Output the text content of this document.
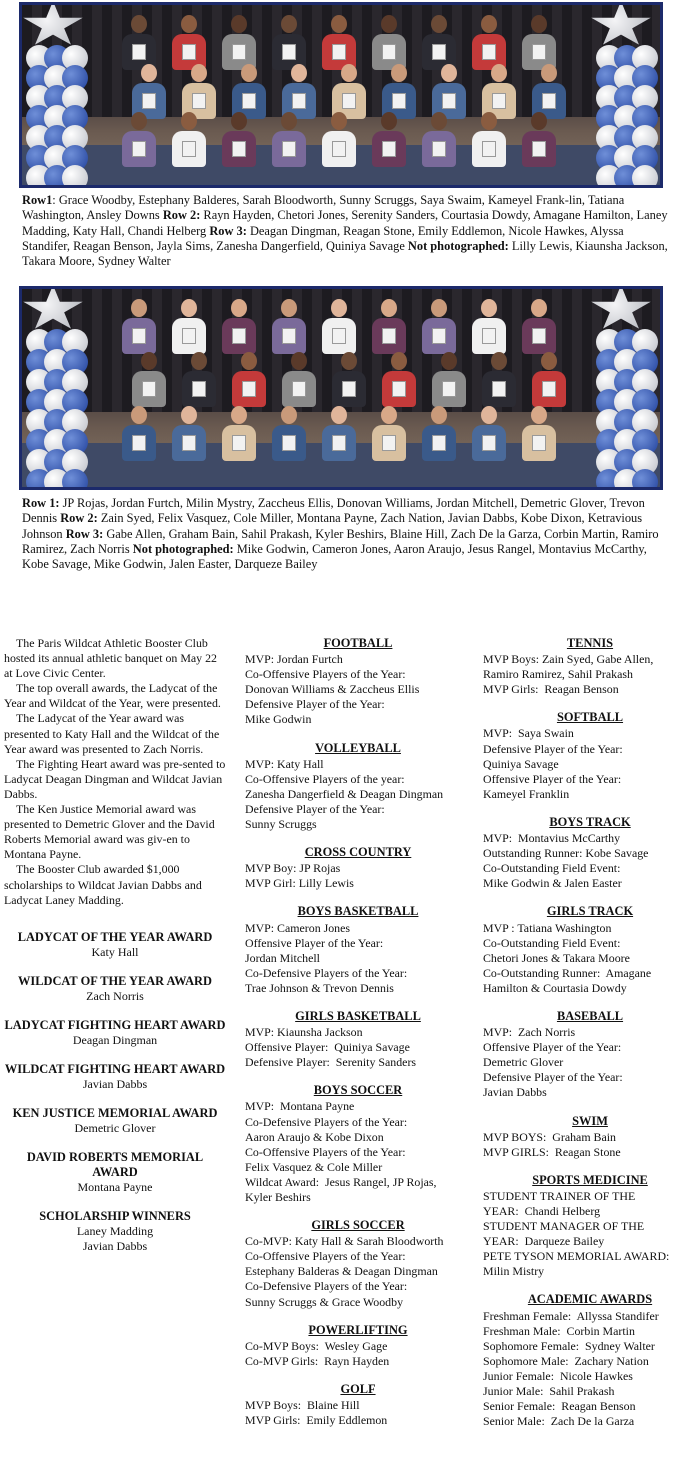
Row1: Grace Woodby, Estephany Balderes, Sarah Bloodworth, Sunny Scruggs, Saya Swaim, Kameyel Frank-lin, Tatiana Washington, Ansley Downs Row 2: Rayn Hayden, Chetori Jones, Serenity Sanders, Courtasia Dowdy, Amagane Hamilton, Laney Madding, Katy Hall, Chandi Helberg Row 3: Deagan Dingman, Reagan Stone, Emily Eddlemon, Nicole Hawkes, Alyssa Standifer, Reagan Benson, Jayla Sims, Zanesha Dangerfield, Quiniya Savage Not photographed: Lilly Lewis, Kiaunsha Jackson, Takara Moore, Sydney Walter
Row 1: JP Rojas, Jordan Furtch, Milin Mystry, Zaccheus Ellis, Donovan Williams, Jordan Mitchell, Demetric Glover, Trevon Dennis Row 2: Zain Syed, Felix Vasquez, Cole Miller, Montana Payne, Zach Nation, Javian Dabbs, Kobe Dixon, Ketravious Johnson Row 3: Gabe Allen, Graham Bain, Sahil Prakash, Kyler Beshirs, Blaine Hill, Zach De la Garza, Corbin Martin, Ramiro Ramirez, Zach Norris Not photographed: Mike Godwin, Cameron Jones, Aaron Araujo, Jesus Rangel, Montavius McCarthy, Kobe Savage, Mike Godwin, Jalen Easter, Darqueze Bailey

The Paris Wildcat Athletic Booster Club hosted its annual athletic banquet on May 22 at Love Civic Center.

The top overall awards, the Ladycat of the Year and Wildcat of the Year, were presented.

The Ladycat of the Year award was presented to Katy Hall and the Wildcat of the Year award was presented to Zach Norris.

The Fighting Heart award was pre-sented to Ladycat Deagan Dingman and Wildcat Javian Dabbs.

The Ken Justice Memorial award was presented to Demetric Glover and the David Roberts Memorial award was giv-en to Montana Payne.

The Booster Club awarded $1,000 scholarships to Wildcat Javian Dabbs and Ladycat Laney Madding.

LADYCAT OF THE YEAR AWARD
Katy Hall
WILDCAT OF THE YEAR AWARD
Zach Norris
LADYCAT FIGHTING HEART AWARD
Deagan Dingman
WILDCAT FIGHTING HEART AWARD
Javian Dabbs
KEN JUSTICE MEMORIAL AWARD
Demetric Glover
DAVID ROBERTS MEMORIAL AWARD
Montana Payne
SCHOLARSHIP WINNERS
Laney Madding
Javian Dabbs
FOOTBALL
MVP: Jordan Furtch
Co-Offensive Players of the Year:
Donovan Williams & Zaccheus Ellis
Defensive Player of the Year:
Mike Godwin
VOLLEYBALL
MVP: Katy Hall
Co-Offensive Players of the year:
Zanesha Dangerfield & Deagan Dingman
Defensive Player of the Year:
Sunny Scruggs
CROSS COUNTRY
MVP Boy: JP Rojas
MVP Girl: Lilly Lewis
BOYS BASKETBALL
MVP: Cameron Jones
Offensive Player of the Year:
Jordan Mitchell
Co-Defensive Players of the Year:
Trae Johnson & Trevon Dennis
GIRLS BASKETBALL
MVP: Kiaunsha Jackson
Offensive Player:  Quiniya Savage
Defensive Player:  Serenity Sanders
BOYS SOCCER
MVP:  Montana Payne
Co-Defensive Players of the Year:
Aaron Araujo & Kobe Dixon
Co-Offensive Players of the Year:
Felix Vasquez & Cole Miller
Wildcat Award:  Jesus Rangel, JP Rojas,
Kyler Beshirs
GIRLS SOCCER
Co-MVP: Katy Hall & Sarah Bloodworth
Co-Offensive Players of the Year:
Estephany Balderas & Deagan Dingman
Co-Defensive Players of the Year:
Sunny Scruggs & Grace Woodby
POWERLIFTING
Co-MVP Boys:  Wesley Gage
Co-MVP Girls:  Rayn Hayden
GOLF
MVP Boys:  Blaine Hill
MVP Girls:  Emily Eddlemon
TENNIS
MVP Boys: Zain Syed, Gabe Allen,
Ramiro Ramirez, Sahil Prakash
MVP Girls:  Reagan Benson
SOFTBALL
MVP:  Saya Swain
Defensive Player of the Year:
Quiniya Savage
Offensive Player of the Year:
Kameyel Franklin
BOYS TRACK
MVP:  Montavius McCarthy
Outstanding Runner: Kobe Savage
Co-Outstanding Field Event:
Mike Godwin & Jalen Easter
GIRLS TRACK
MVP : Tatiana Washington
Co-Outstanding Field Event:
Chetori Jones & Takara Moore
Co-Outstanding Runner:  Amagane
Hamilton & Courtasia Dowdy
BASEBALL
MVP:  Zach Norris
Offensive Player of the Year:
Demetric Glover
Defensive Player of the Year:
Javian Dabbs
SWIM
MVP BOYS:  Graham Bain
MVP GIRLS:  Reagan Stone
SPORTS MEDICINE
STUDENT TRAINER OF THE
YEAR:  Chandi Helberg
STUDENT MANAGER OF THE
YEAR:  Darqueze Bailey
PETE TYSON MEMORIAL AWARD:
Milin Mistry
ACADEMIC AWARDS
Freshman Female:  Allyssa Standifer
Freshman Male:  Corbin Martin
Sophomore Female:  Sydney Walter
Sophomore Male:  Zachary Nation
Junior Female:  Nicole Hawkes
Junior Male:  Sahil Prakash
Senior Female:  Reagan Benson
Senior Male:  Zach De la Garza
